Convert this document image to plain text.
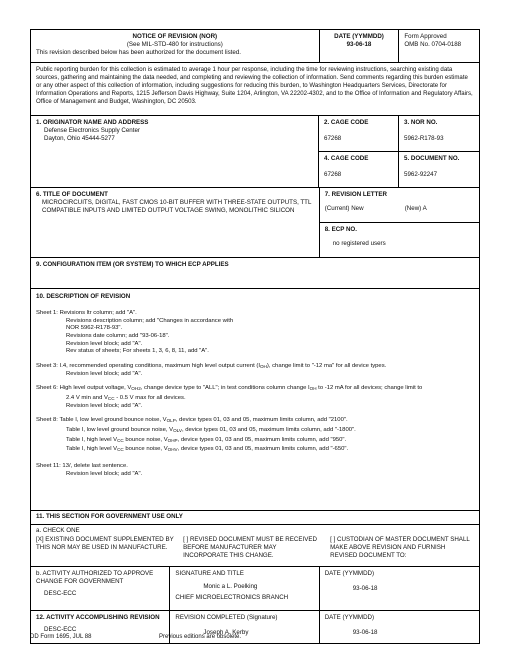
NOTICE OF REVISION (NOR)
(See MIL-STD-480 for instructions)
This revision described below has been authorized for the document listed.
DATE (YYMMDD)
93-06-18
Form Approved
OMB No. 0704-0188
Public reporting burden for this collection is estimated to average 1 hour per response, including the time for reviewing instructions, searching existing data sources, gathering and maintaining the data needed, and completing and reviewing the collection of information. Send comments regarding this burden estimate or any other aspect of this collection of information, including suggestions for reducing this burden, to Washington Headquarters Services, Directorate for Information Operations and Reports, 1215 Jefferson Davis Highway, Suite 1204, Arlington, VA 22202-4302, and to the Office of Information and Regulatory Affairs, Office of Management and Budget, Washington, DC 20503.
1. ORIGINATOR NAME AND ADDRESS
Defense Electronics Supply Center
Dayton, Ohio 45444-5277
2. CAGE CODE
67268
3. NOR NO.
5962-R178-93
4. CAGE CODE
67268
5. DOCUMENT NO.
5962-92247
6. TITLE OF DOCUMENT
MICROCIRCUITS, DIGITAL, FAST CMOS 10-BIT BUFFER WITH THREE-STATE OUTPUTS, TTL COMPATIBLE INPUTS AND LIMITED OUTPUT VOLTAGE SWING, MONOLITHIC SILICON
7. REVISION LETTER
(Current) New	(New) A
8. ECP NO.
no registered users
9. CONFIGURATION ITEM (OR SYSTEM) TO WHICH ECP APPLIES
10. DESCRIPTION OF REVISION
Sheet 1: Revisions ltr column; add "A".
Revisions description column; add "Changes in accordance with
NOR 5962-R178-93".
Revisions date column; add "93-06-18".
Revision level block; add "A".
Rev status of sheets; For sheets 1, 3, 6, 8, 11, add "A".
Sheet 3: I.4, recommended operating conditions, maximum high level output current $(I_{OH})$, change limit to "-12 ma" for all device types.
Revision level block; add "A".
Sheet 6: High level output voltage, $V_{OH2}$, change device type to "ALL"; in test conditions column change $I_{OH}$ to -12 mA for all devices; change limit to
2.4 V min and $V_{CC} - 0.5$ V max for all devices.
Revision level block; add "A".
Sheet 8: Table I, low level ground bounce noise, $V_{OLP}$, device types 01, 03 and 05, maximum limits column, add "2100".
Table I, low level ground bounce noise, $V_{OLV}$, device types 01, 03 and 05, maximum limits column, add "-1800".
Table I, high level $V_{CC}$ bounce noise, $V_{OHP}$, device types 01, 03 and 05, maximum limits column, add "950".
Table I, high level $V_{CC}$ bounce noise, $V_{OHV}$, device types 01, 03 and 05, maximum limits column, add "-650".
Sheet 11: 13/, delete last sentence.
Revision level block; add "A".
11. THIS SECTION FOR GOVERNMENT USE ONLY
a. CHECK ONE
[X] EXISTING DOCUMENT SUPPLEMENTED BY THIS NOR MAY BE USED IN MANUFACTURE.
[ ] REVISED DOCUMENT MUST BE RECEIVED BEFORE MANUFACTURER MAY INCORPORATE THIS CHANGE.
[ ] CUSTODIAN OF MASTER DOCUMENT SHALL MAKE ABOVE REVISION AND FURNISH REVISED DOCUMENT TO:
b. ACTIVITY AUTHORIZED TO APPROVE CHANGE FOR GOVERNMENT
DESC-ECC
SIGNATURE AND TITLE
Monic a L. Poelking
CHIEF MICROELECTRONICS BRANCH
DATE (YYMMDD)
93-06-18
12. ACTIVITY ACCOMPLISHING REVISION
DESC-ECC
REVISION COMPLETED (Signature)
Joseph A. Kerby
DATE (YYMMDD)
93-06-18
DD Form 1695, JUL 88	Previous editions are obsolete.
